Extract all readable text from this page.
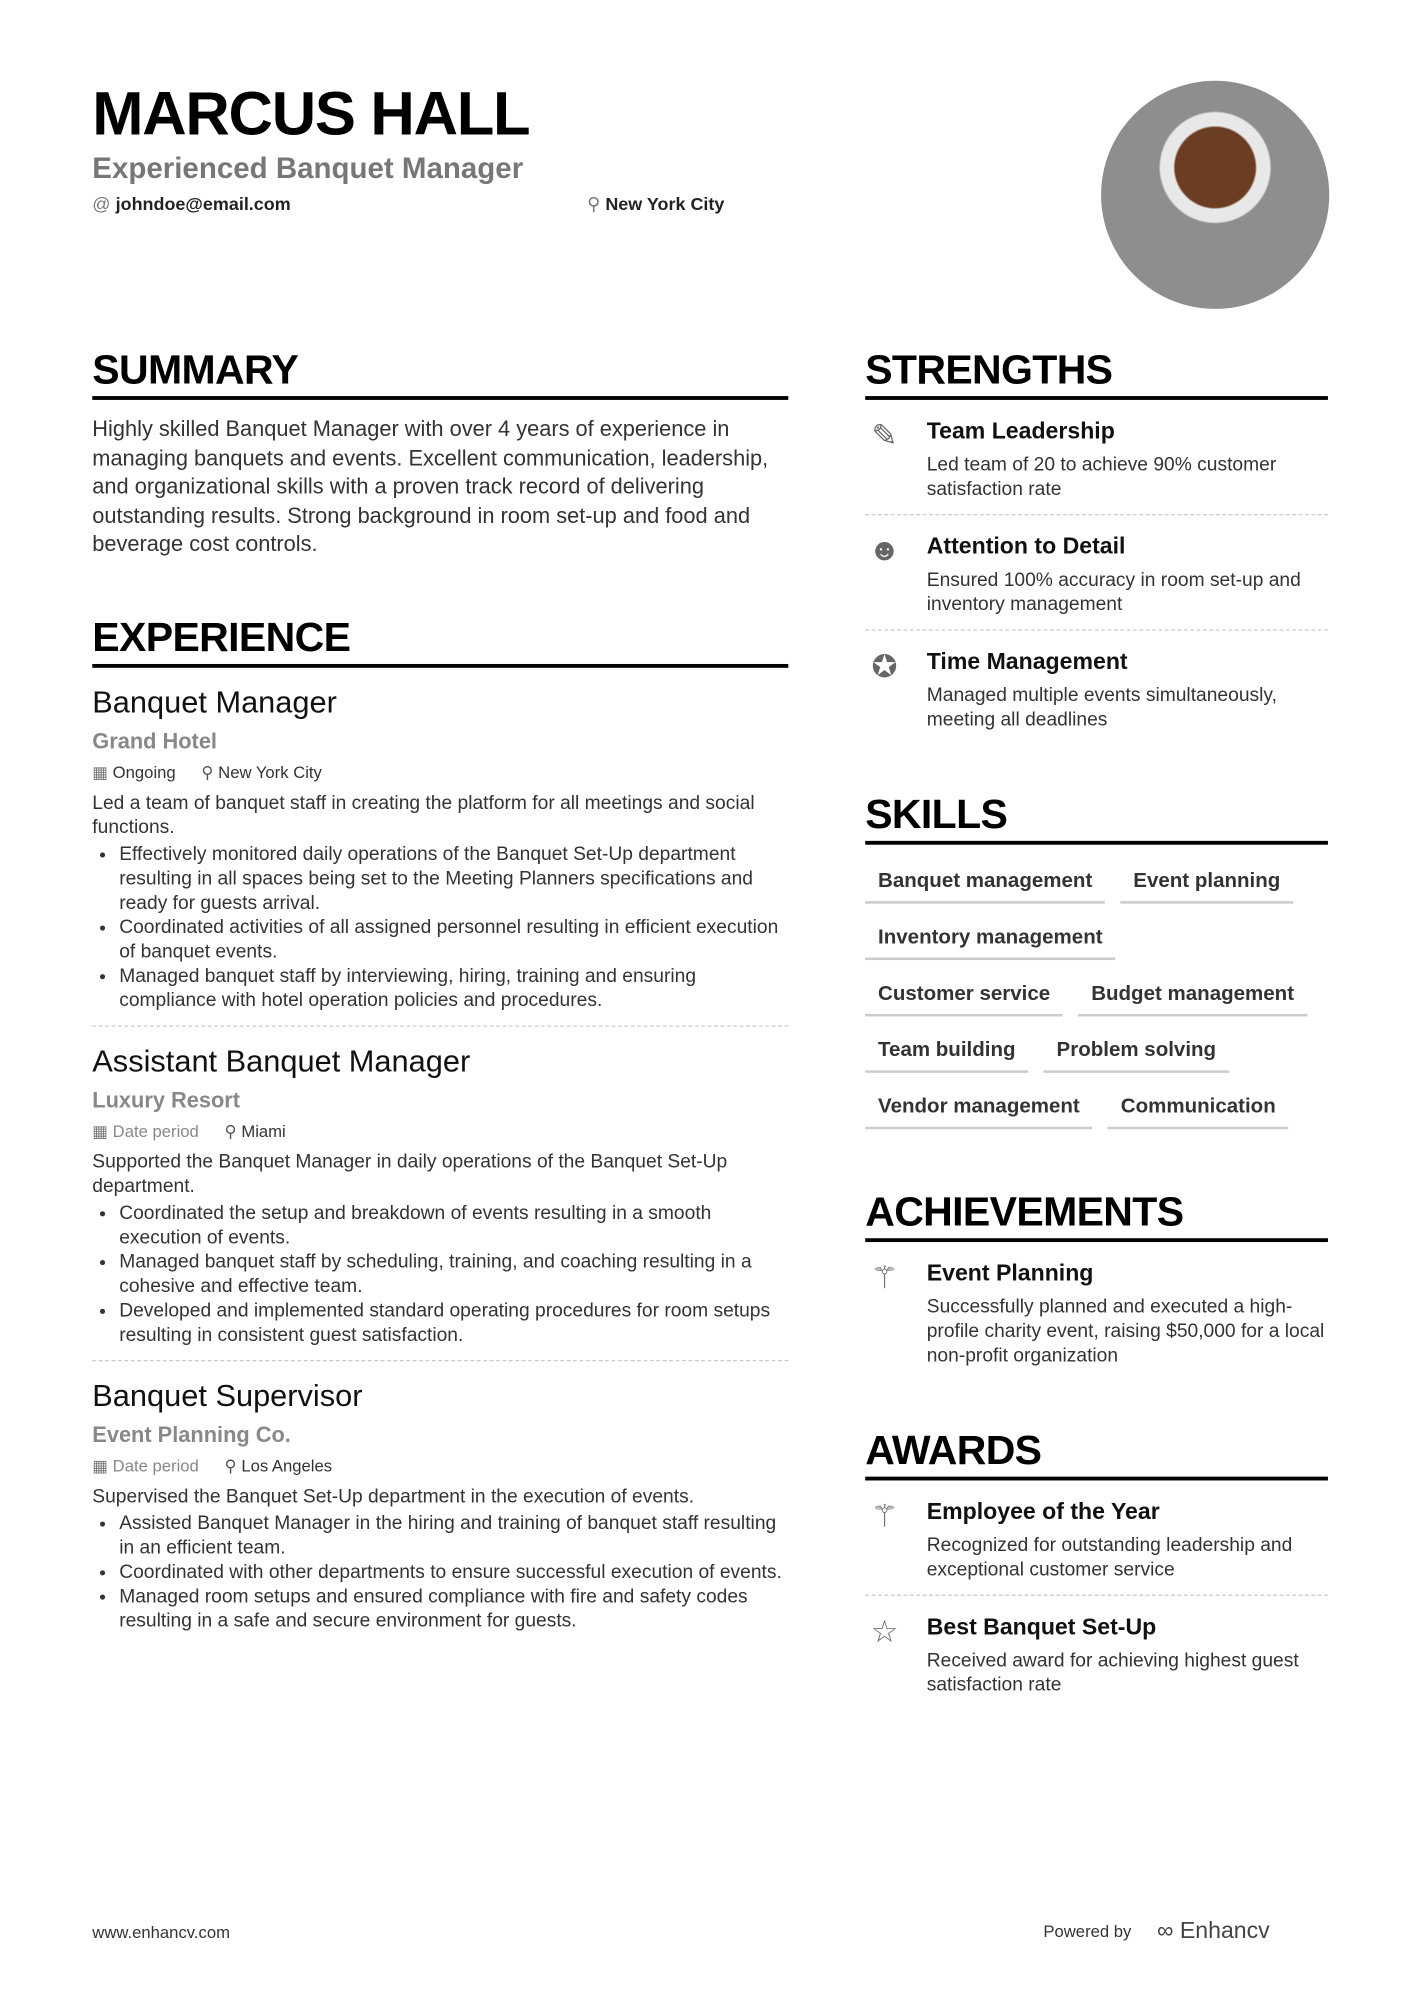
MARCUS HALL
Experienced Banquet Manager
@ johndoe@email.com	⚲ New York City
SUMMARY
Highly skilled Banquet Manager with over 4 years of experience in managing banquets and events. Excellent communication, leadership, and organizational skills with a proven track record of delivering outstanding results. Strong background in room set-up and food and beverage cost controls.
EXPERIENCE
Banquet Manager
Grand Hotel
▦ Ongoing ⚲ New York City
Led a team of banquet staff in creating the platform for all meetings and social functions.
• Effectively monitored daily operations of the Banquet Set-Up department resulting in all spaces being set to the Meeting Planners specifications and ready for guests arrival.
• Coordinated activities of all assigned personnel resulting in efficient execution of banquet events.
• Managed banquet staff by interviewing, hiring, training and ensuring compliance with hotel operation policies and procedures.
Assistant Banquet Manager
Luxury Resort
▦ Date period ⚲ Miami
Supported the Banquet Manager in daily operations of the Banquet Set-Up department.
• Coordinated the setup and breakdown of events resulting in a smooth execution of events.
• Managed banquet staff by scheduling, training, and coaching resulting in a cohesive and effective team.
• Developed and implemented standard operating procedures for room setups resulting in consistent guest satisfaction.
Banquet Supervisor
Event Planning Co.
▦ Date period ⚲ Los Angeles
Supervised the Banquet Set-Up department in the execution of events.
• Assisted Banquet Manager in the hiring and training of banquet staff resulting in an efficient team.
• Coordinated with other departments to ensure successful execution of events.
• Managed room setups and ensured compliance with fire and safety codes resulting in a safe and secure environment for guests.
STRENGTHS
✎	Team Leadership
Led team of 20 to achieve 90% customer satisfaction rate
☻ Attention to Detail
Ensured 100% accuracy in room set-up and inventory management
✪	Time Management
Managed multiple events simultaneously, meeting all deadlines
SKILLS
Banquet management	Event planning
Inventory management
Customer service	Budget management
Team building	Problem solving
Vendor management	Communication
ACHIEVEMENTS
⚚	Event Planning
Successfully planned and executed a high-profile charity event, raising $50,000 for a local non-profit organization
AWARDS
⚚	Employee of the Year
Recognized for outstanding leadership and exceptional customer service
☆	Best Banquet Set-Up
Received award for achieving highest guest satisfaction rate
www.enhancv.com	Powered by ∞ Enhancv
